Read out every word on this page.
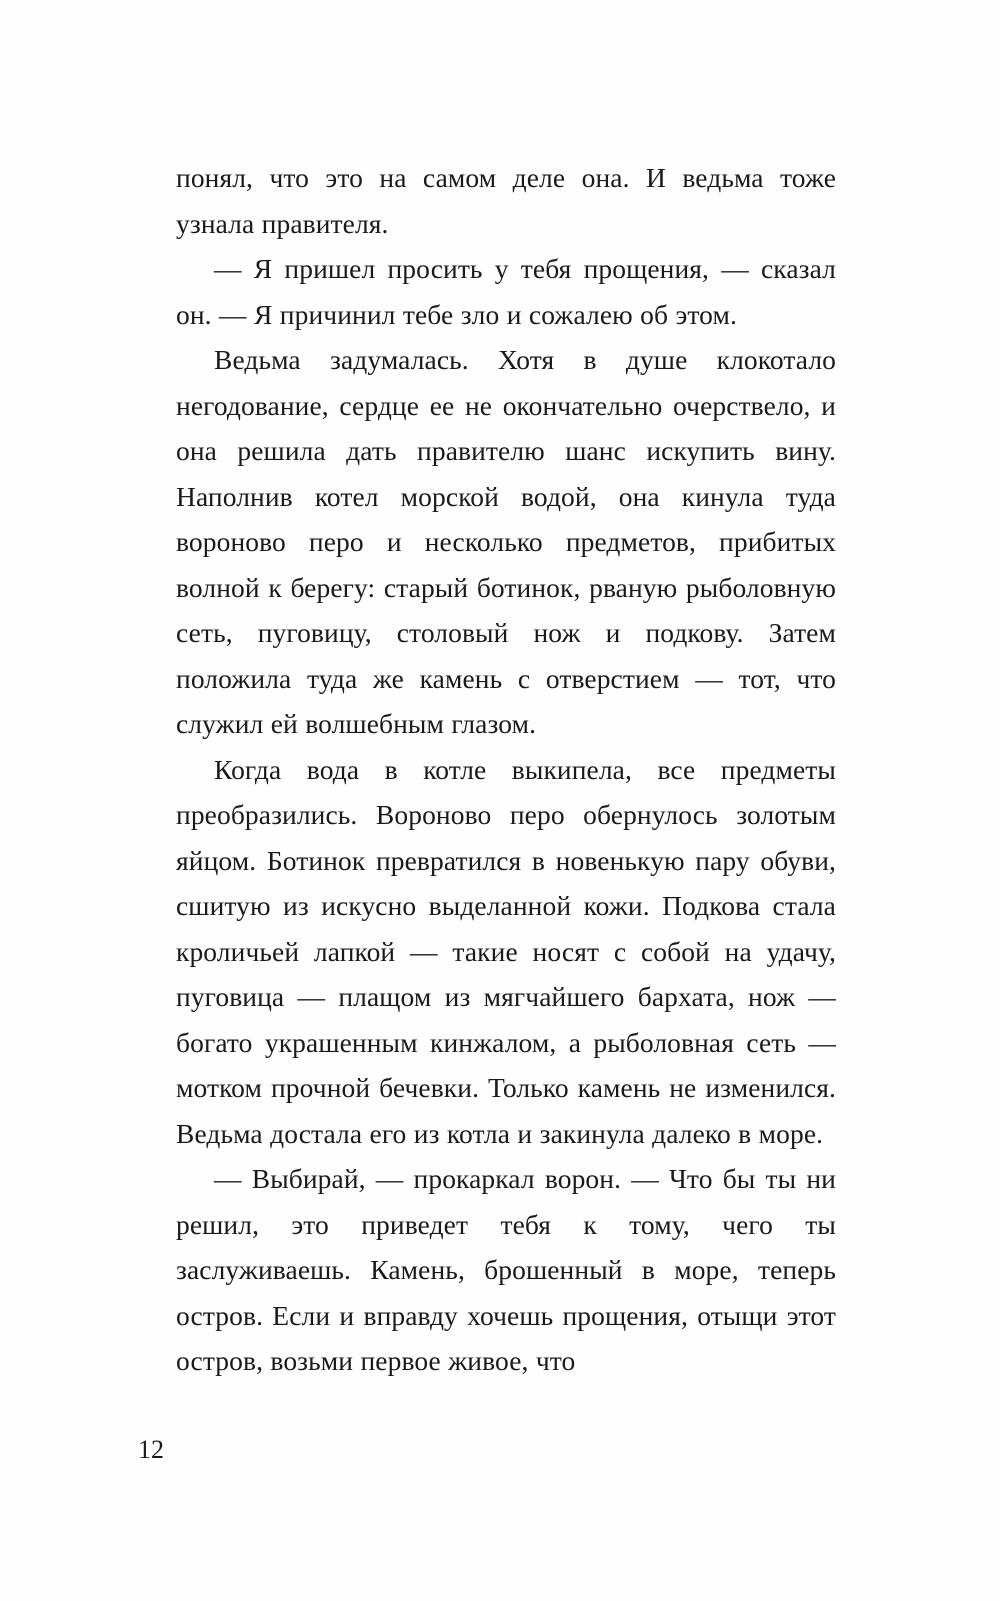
понял, что это на самом деле она. И ведьма тоже узнала правителя.

— Я пришел просить у тебя прощения, — сказал он. — Я причинил тебе зло и сожалею об этом.

Ведьма задумалась. Хотя в душе клокотало негодование, сердце ее не окончательно очерствело, и она решила дать правителю шанс искупить вину. Наполнив котел морской водой, она кинула туда вороново перо и несколько предметов, прибитых волной к берегу: старый ботинок, рваную рыболовную сеть, пуговицу, столовый нож и подкову. Затем положила туда же камень с отверстием — тот, что служил ей волшебным глазом.

Когда вода в котле выкипела, все предметы преобразились. Вороново перо обернулось золотым яйцом. Ботинок превратился в новенькую пару обуви, сшитую из искусно выделанной кожи. Подкова стала кроличьей лапкой — такие носят с собой на удачу, пуговица — плащом из мягчайшего бархата, нож — богато украшенным кинжалом, а рыболовная сеть — мотком прочной бечевки. Только камень не изменился. Ведьма достала его из котла и закинула далеко в море.

— Выбирай, — прокаркал ворон. — Что бы ты ни решил, это приведет тебя к тому, чего ты заслуживаешь. Камень, брошенный в море, теперь остров. Если и вправду хочешь прощения, отыщи этот остров, возьми первое живое, что

12
